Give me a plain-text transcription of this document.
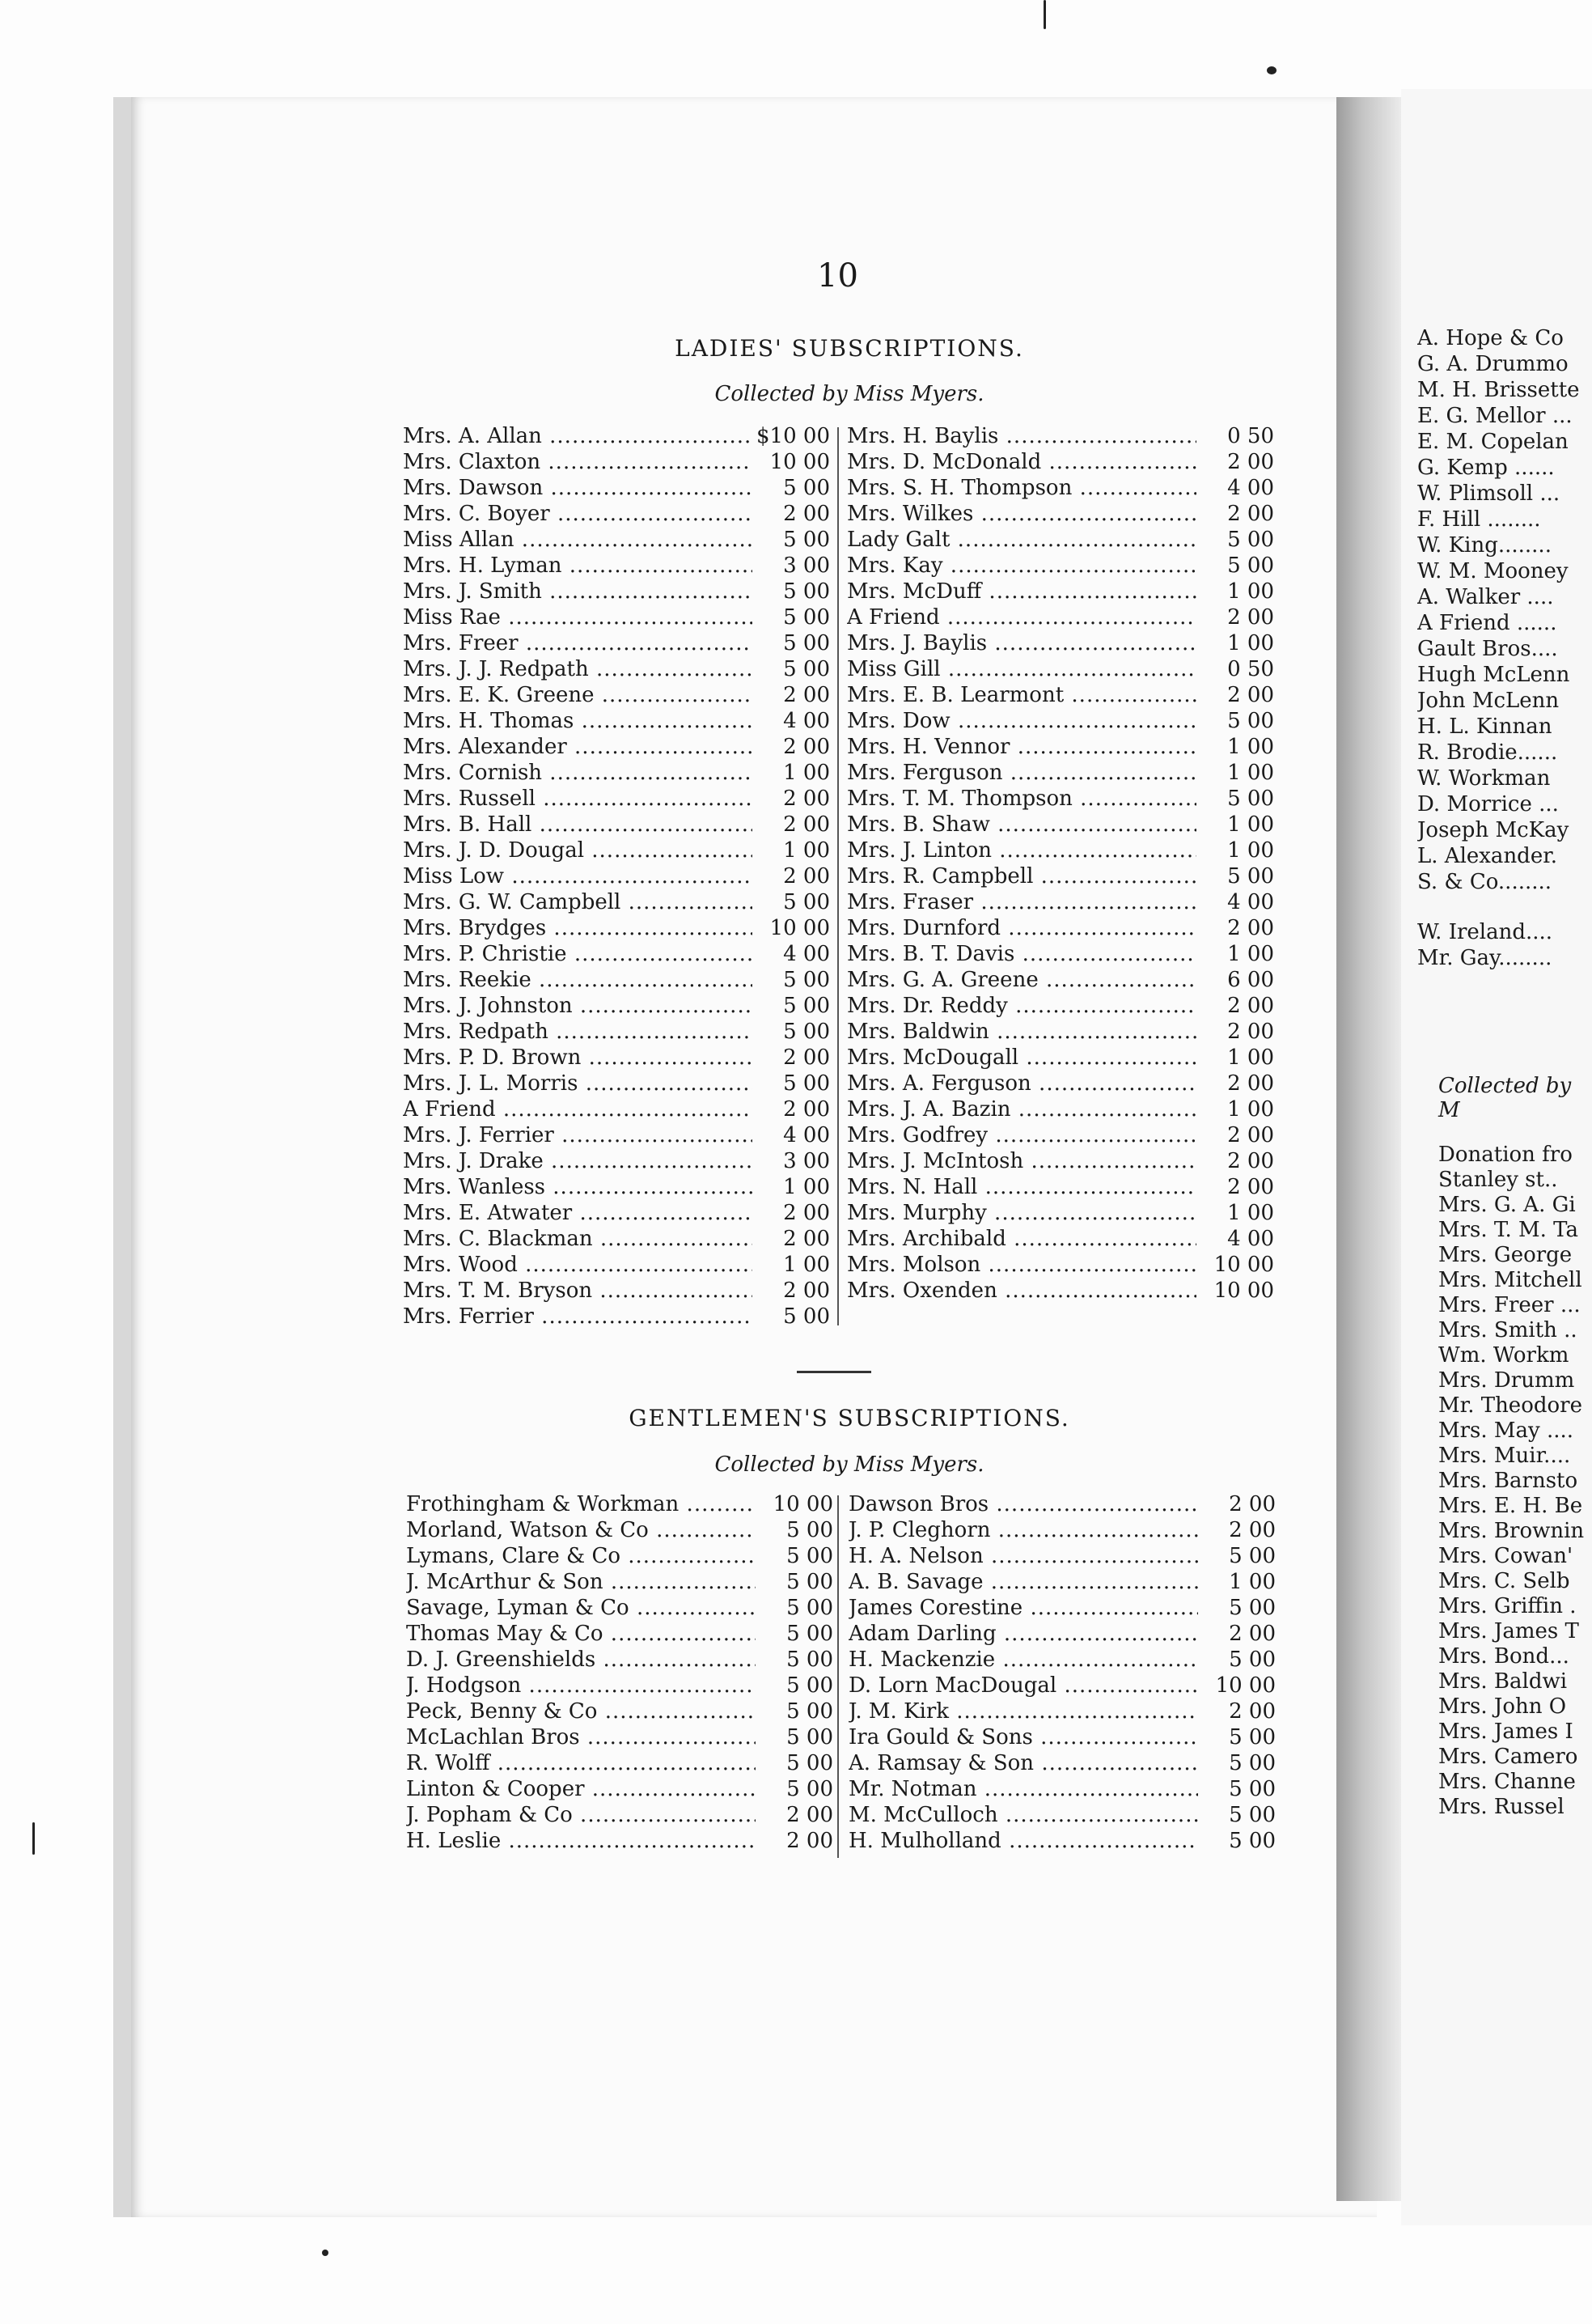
10
LADIES' SUBSCRIPTIONS.
Collected by Miss Myers.
Mrs. A. Allan .....	$10 00
Mrs. Claxton .....	10 00
Mrs. Dawson .....	5 00
Mrs. C. Boyer .....	2 00
Miss Allan .....	5 00
Mrs. H. Lyman .....	3 00
Mrs. J. Smith .....	5 00
Miss Rae .....	5 00
Mrs. Freer .....	5 00
Mrs. J. J. Redpath .....	5 00
Mrs. E. K. Greene .....	2 00
Mrs. H. Thomas .....	4 00
Mrs. Alexander .....	2 00
Mrs. Cornish .....	1 00
Mrs. Russell .....	2 00
Mrs. B. Hall .....	2 00
Mrs. J. D. Dougal .....	1 00
Miss Low .....	2 00
Mrs. G. W. Campbell .....	5 00
Mrs. Brydges .....	10 00
Mrs. P. Christie .....	4 00
Mrs. Reekie .....	5 00
Mrs. J. Johnston .....	5 00
Mrs. Redpath .....	5 00
Mrs. P. D. Brown .....	2 00
Mrs. J. L. Morris .....	5 00
A Friend .....	2 00
Mrs. J. Ferrier .....	4 00
Mrs. J. Drake .....	3 00
Mrs. Wanless .....	1 00
Mrs. E. Atwater .....	2 00
Mrs. C. Blackman .....	2 00
Mrs. Wood .....	1 00
Mrs. T. M. Bryson .....	2 00
Mrs. Ferrier .....	5 00
Mrs. H. Baylis .....	0 50
Mrs. D. McDonald .....	2 00
Mrs. S. H. Thompson .....	4 00
Mrs. Wilkes .....	2 00
Lady Galt .....	5 00
Mrs. Kay .....	5 00
Mrs. McDuff .....	1 00
A Friend .....	2 00
Mrs. J. Baylis .....	1 00
Miss Gill .....	0 50
Mrs. E. B. Learmont .....	2 00
Mrs. Dow .....	5 00
Mrs. H. Vennor .....	1 00
Mrs. Ferguson .....	1 00
Mrs. T. M. Thompson .....	5 00
Mrs. B. Shaw .....	1 00
Mrs. J. Linton .....	1 00
Mrs. R. Campbell .....	5 00
Mrs. Fraser .....	4 00
Mrs. Durnford .....	2 00
Mrs. B. T. Davis .....	1 00
Mrs. G. A. Greene .....	6 00
Mrs. Dr. Reddy .....	2 00
Mrs. Baldwin .....	2 00
Mrs. McDougall .....	1 00
Mrs. A. Ferguson .....	2 00
Mrs. J. A. Bazin .....	1 00
Mrs. Godfrey .....	2 00
Mrs. J. McIntosh .....	2 00
Mrs. N. Hall .....	2 00
Mrs. Murphy .....	1 00
Mrs. Archibald .....	4 00
Mrs. Molson .....	10 00
Mrs. Oxenden .....	10 00
GENTLEMEN'S SUBSCRIPTIONS.
Collected by Miss Myers.
Frothingham & Workman .....	10 00
Morland, Watson & Co .....	5 00
Lymans, Clare & Co .....	5 00
J. McArthur & Son .....	5 00
Savage, Lyman & Co .....	5 00
Thomas May & Co .....	5 00
D. J. Greenshields .....	5 00
J. Hodgson .....	5 00
Peck, Benny & Co .....	5 00
McLachlan Bros .....	5 00
R. Wolff .....	5 00
Linton & Cooper .....	5 00
J. Popham & Co .....	2 00
H. Leslie .....	2 00
Dawson Bros .....	2 00
J. P. Cleghorn .....	2 00
H. A. Nelson .....	5 00
A. B. Savage .....	1 00
James Corestine .....	5 00
Adam Darling .....	2 00
H. Mackenzie .....	5 00
D. Lorn MacDougal .....	10 00
J. M. Kirk .....	2 00
Ira Gould & Sons .....	5 00
A. Ramsay & Son .....	5 00
Mr. Notman .....	5 00
M. McCulloch .....	5 00
H. Mulholland .....	5 00
A. Hope & Co
G. A. Drummo
M. H. Brissette
E. G. Mellor ...
E. M. Copelan
G. Kemp ......
W. Plimsoll ...
F. Hill ........
W. King........
W. M. Mooney
A. Walker ....
A Friend ......
Gault Bros....
Hugh McLenn
John McLenn
H. L. Kinnan
R. Brodie......
W. Workman
D. Morrice ...
Joseph McKay
L. Alexander.
S. & Co........
W. Ireland....
Mr. Gay........
Collected by M
Donation fro
Stanley st..
Mrs. G. A. Gi
Mrs. T. M. Ta
Mrs. George
Mrs. Mitchell
Mrs. Freer ...
Mrs. Smith ..
Wm. Workm
Mrs. Drumm
Mr. Theodore
Mrs. May ....
Mrs. Muir....
Mrs. Barnsto
Mrs. E. H. Be
Mrs. Brownin
Mrs. Cowan'
Mrs. C. Selb
Mrs. Griffin .
Mrs. James T
Mrs. Bond...
Mrs. Baldwi
Mrs. John O
Mrs. James I
Mrs. Camero
Mrs. Channe
Mrs. Russel
